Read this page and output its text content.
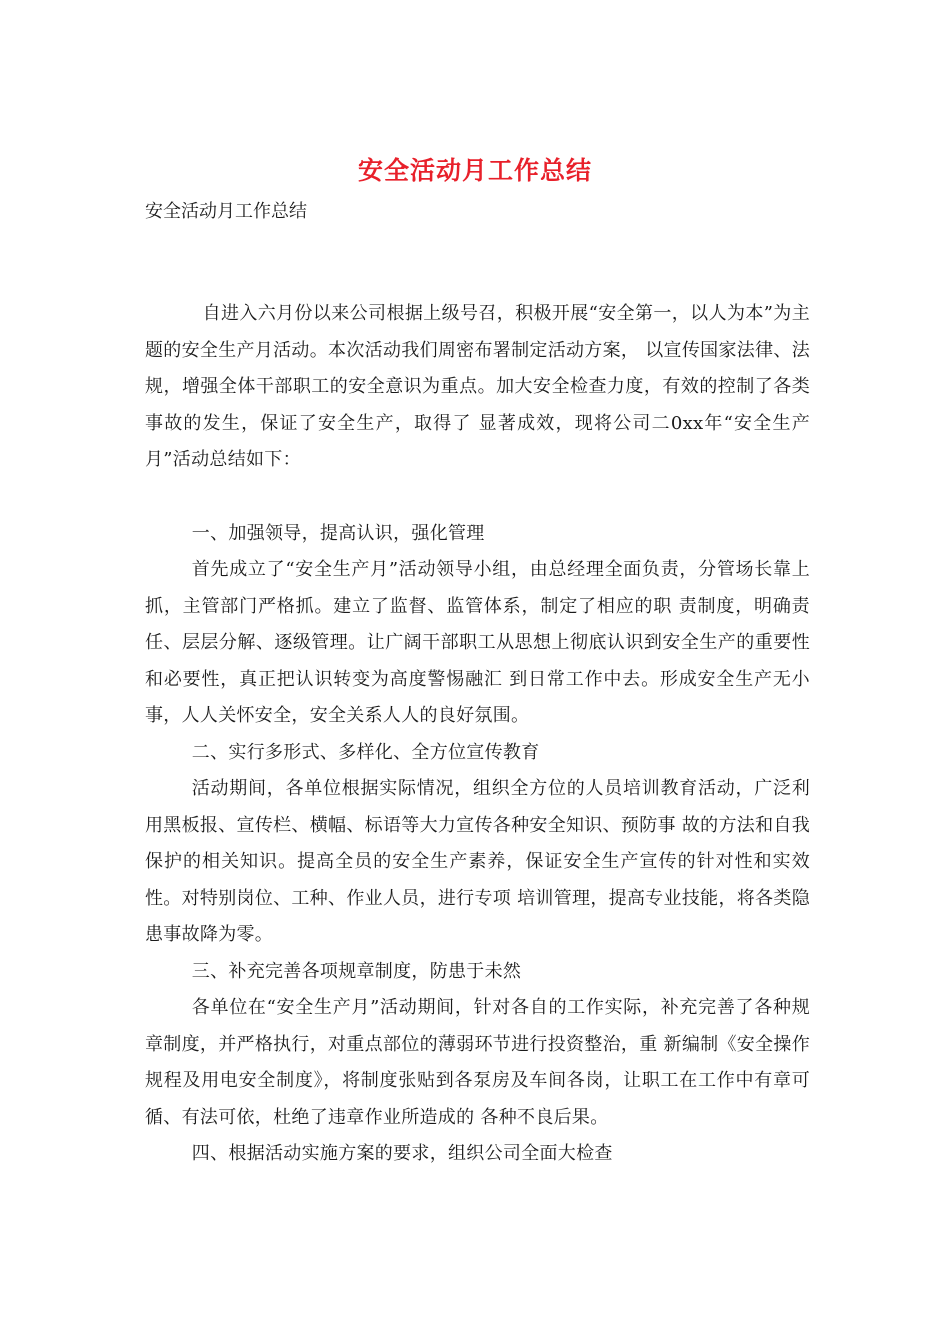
安全活动月工作总结
安全活动月工作总结

自进入六月份以来公司根据上级号召，积极开展“安全第一，以人为本”为主题的安全生产月活动。本次活动我们周密布署制定活动方案， 以宣传国家法律、法规，增强全体干部职工的安全意识为重点。加大安全检查力度，有效的控制了各类事故的发生，保证了安全生产，取得了 显著成效，现将公司二0xx年“安全生产月”活动总结如下：

一、加强领导，提高认识，强化管理

首先成立了“安全生产月”活动领导小组，由总经理全面负责，分管场长靠上抓，主管部门严格抓。建立了监督、监管体系，制定了相应的职 责制度，明确责任、层层分解、逐级管理。让广阔干部职工从思想上彻底认识到安全生产的重要性和必要性，真正把认识转变为高度警惕融汇 到日常工作中去。形成安全生产无小事，人人关怀安全，安全关系人人的良好氛围。

二、实行多形式、多样化、全方位宣传教育

活动期间，各单位根据实际情况，组织全方位的人员培训教育活动，广泛利用黑板报、宣传栏、横幅、标语等大力宣传各种安全知识、预防事 故的方法和自我保护的相关知识。提高全员的安全生产素养，保证安全生产宣传的针对性和实效性。对特别岗位、工种、作业人员，进行专项 培训管理，提高专业技能，将各类隐患事故降为零。

三、补充完善各项规章制度，防患于未然

各单位在“安全生产月”活动期间，针对各自的工作实际，补充完善了各种规章制度，并严格执行，对重点部位的薄弱环节进行投资整治，重 新编制《安全操作规程及用电安全制度》，将制度张贴到各泵房及车间各岗，让职工在工作中有章可循、有法可依，杜绝了违章作业所造成的 各种不良后果。

四、根据活动实施方案的要求，组织公司全面大检查
